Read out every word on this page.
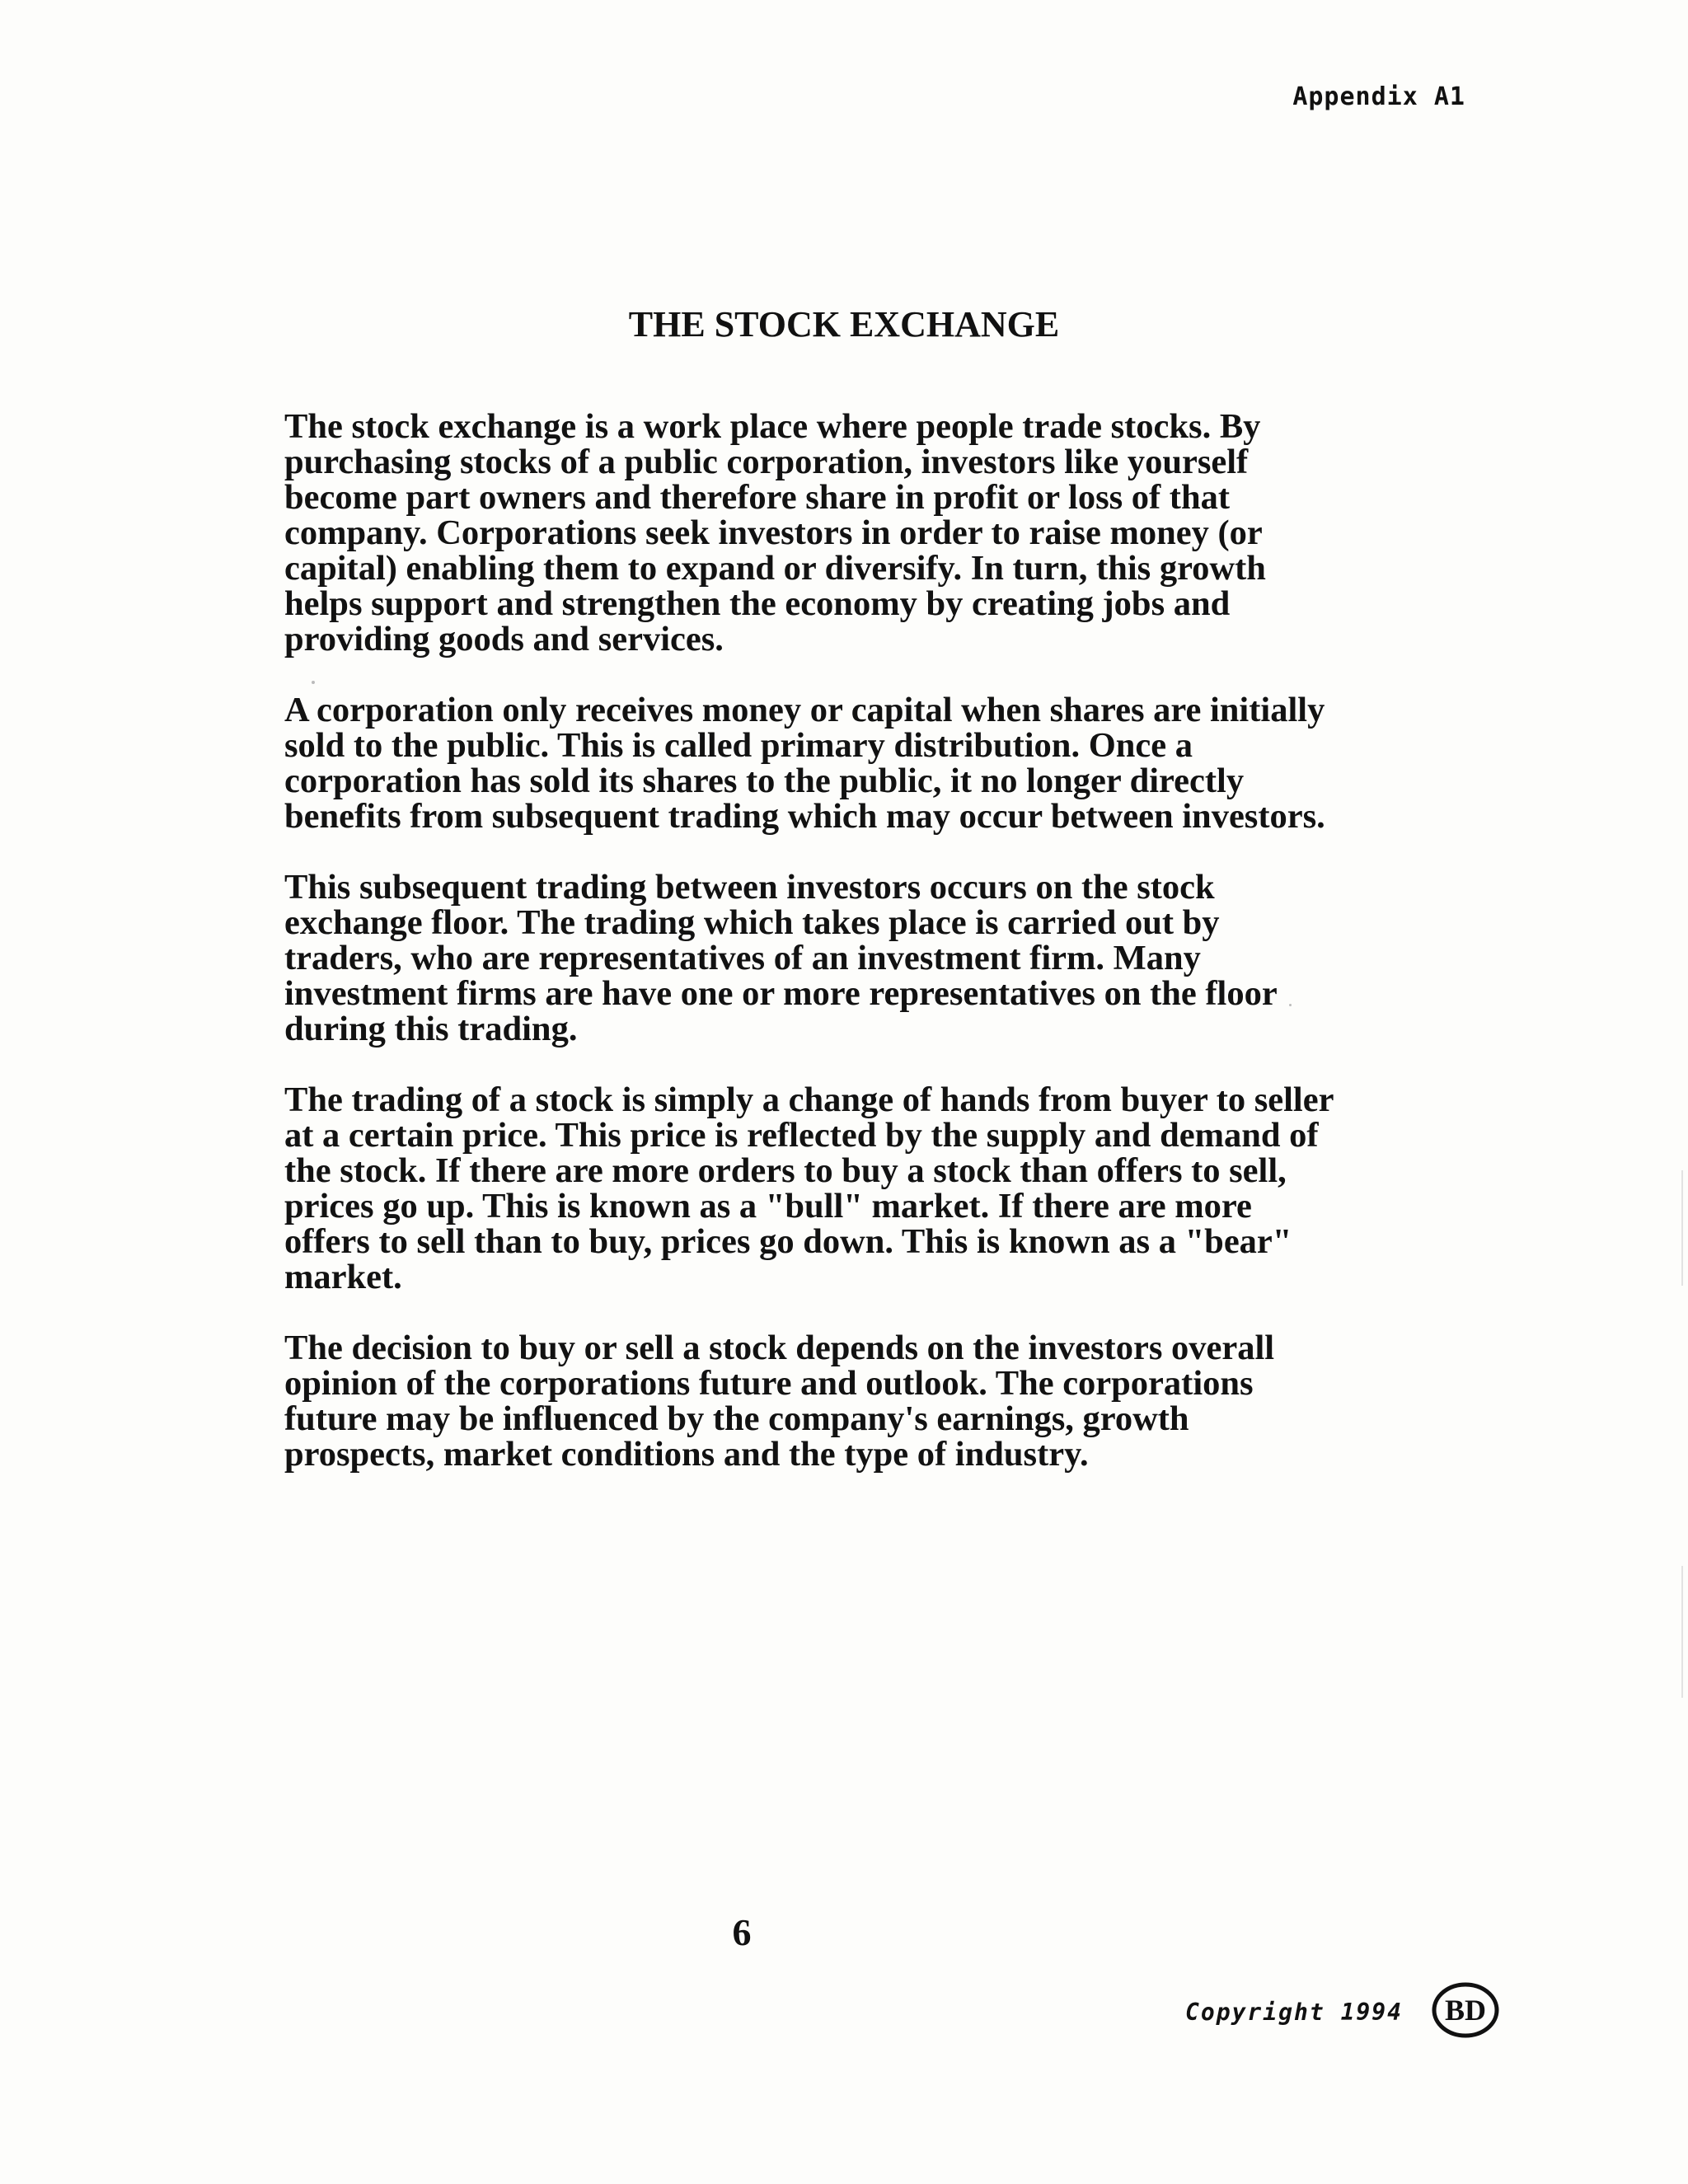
Appendix A1
THE STOCK EXCHANGE

The stock exchange is a work place where people trade stocks. By purchasing stocks of a public corporation, investors like yourself become part owners and therefore share in profit or loss of that company. Corporations seek investors in order to raise money (or capital) enabling them to expand or diversify. In turn, this growth helps support and strengthen the economy by creating jobs and providing goods and services.

A corporation only receives money or capital when shares are initially sold to the public. This is called primary distribution. Once a corporation has sold its shares to the public, it no longer directly benefits from subsequent trading which may occur between investors.

This subsequent trading between investors occurs on the stock exchange floor. The trading which takes place is carried out by traders, who are representatives of an investment firm. Many investment firms are have one or more representatives on the floor during this trading.

The trading of a stock is simply a change of hands from buyer to seller at a certain price. This price is reflected by the supply and demand of the stock. If there are more orders to buy a stock than offers to sell, prices go up. This is known as a "bull" market. If there are more offers to sell than to buy, prices go down. This is known as a "bear" market.

The decision to buy or sell a stock depends on the investors overall opinion of the corporations future and outlook. The corporations future may be influenced by the company's earnings, growth prospects, market conditions and the type of industry.

6
Copyright 1994 BD
